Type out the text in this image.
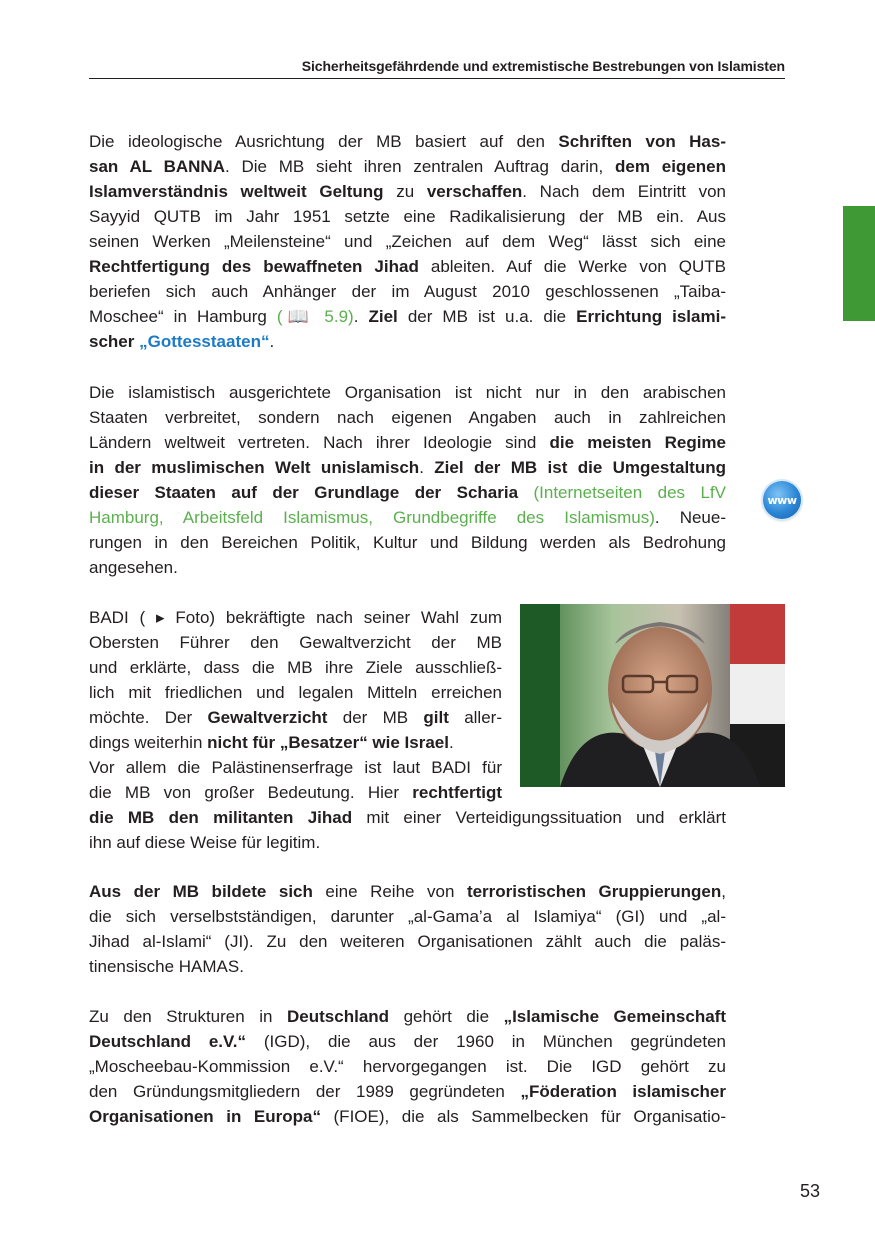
Sicherheitsgefährdende und extremistische Bestrebungen von Islamisten
www
Die ideologische Ausrichtung der MB basiert auf den Schriften von Has-
san AL BANNA. Die MB sieht ihren zentralen Auftrag darin, dem eigenen
Islamverständnis weltweit Geltung zu verschaffen. Nach dem Eintritt von
Sayyid QUTB im Jahr 1951 setzte eine Radikalisierung der MB ein. Aus
seinen Werken „Meilensteine“ und „Zeichen auf dem Weg“ lässt sich eine
Rechtfertigung des bewaffneten Jihad ableiten. Auf die Werke von QUTB
beriefen sich auch Anhänger der im August 2010 geschlossenen „Taiba-
Moschee“ in Hamburg (📖 5.9). Ziel der MB ist u.a. die Errichtung islami-
scher „Gottesstaaten“.
Die islamistisch ausgerichtete Organisation ist nicht nur in den arabischen
Staaten verbreitet, sondern nach eigenen Angaben auch in zahlreichen
Ländern weltweit vertreten. Nach ihrer Ideologie sind die meisten Regime
in der muslimischen Welt unislamisch. Ziel der MB ist die Umgestaltung
dieser Staaten auf der Grundlage der Scharia (Internetseiten des LfV
Hamburg, Arbeitsfeld Islamismus, Grundbegriffe des Islamismus). Neue-
rungen in den Bereichen Politik, Kultur und Bildung werden als Bedrohung
angesehen.
BADI ( ▸ Foto) bekräftigte nach seiner Wahl zum
Obersten Führer den Gewaltverzicht der MB
und erklärte, dass die MB ihre Ziele ausschließ-
lich mit friedlichen und legalen Mitteln erreichen
möchte. Der Gewaltverzicht der MB gilt aller-
dings weiterhin nicht für „Besatzer“ wie Israel.
Vor allem die Palästinenserfrage ist laut BADI für
die MB von großer Bedeutung. Hier rechtfertigt
die MB den militanten Jihad mit einer Verteidigungssituation und erklärt
ihn auf diese Weise für legitim.
Aus der MB bildete sich eine Reihe von terroristischen Gruppierungen,
die sich verselbstständigen, darunter „al-Gama’a al Islamiya“ (GI) und „al-
Jihad al-Islami“ (JI). Zu den weiteren Organisationen zählt auch die paläs-
tinensische HAMAS.
Zu den Strukturen in Deutschland gehört die „Islamische Gemeinschaft
Deutschland e.V.“ (IGD), die aus der 1960 in München gegründeten
„Moscheebau-Kommission e.V.“ hervorgegangen ist. Die IGD gehört zu
den Gründungsmitgliedern der 1989 gegründeten „Föderation islamischer
Organisationen in Europa“ (FIOE), die als Sammelbecken für Organisatio-
53
